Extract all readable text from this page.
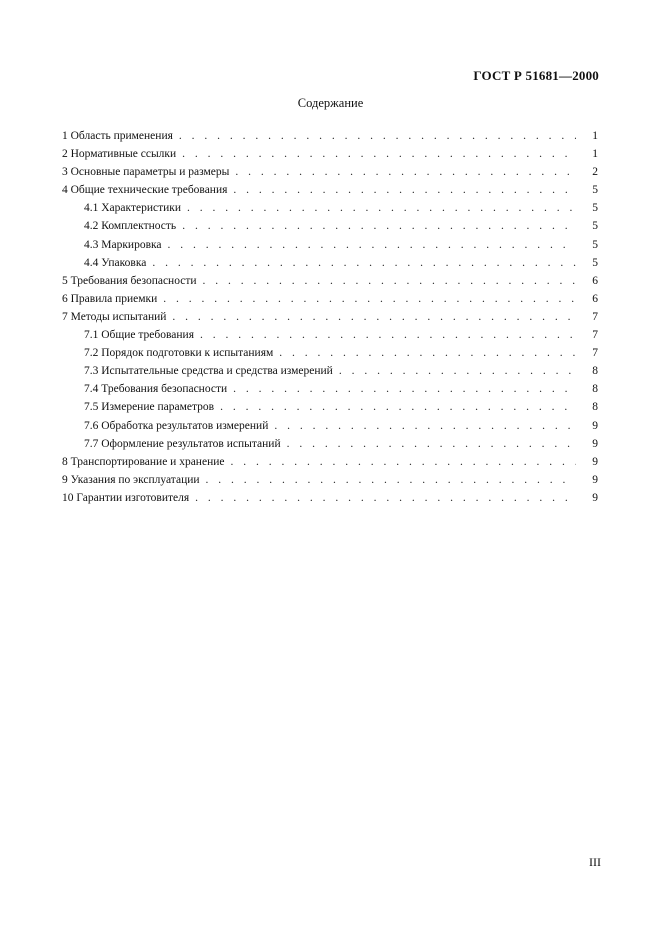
ГОСТ Р 51681—2000
Содержание
1 Область применения . . .	1
2 Нормативные ссылки . . .	1
3 Основные параметры и размеры . . .	2
4 Общие технические требования . . .	5
4.1 Характеристики . . .	5
4.2 Комплектность . . .	5
4.3 Маркировка . . .	5
4.4 Упаковка . . .	5
5 Требования безопасности . . .	6
6 Правила приемки . . .	6
7 Методы испытаний . . .	7
7.1 Общие требования . . .	7
7.2 Порядок подготовки к испытаниям . . .	7
7.3 Испытательные средства и средства измерений . . .	8
7.4 Требования безопасности . . .	8
7.5 Измерение параметров . . .	8
7.6 Обработка результатов измерений . . .	9
7.7 Оформление результатов испытаний . . .	9
8 Транспортирование и хранение . . .	9
9 Указания по эксплуатации . . .	9
10 Гарантии изготовителя . . .	9
III
